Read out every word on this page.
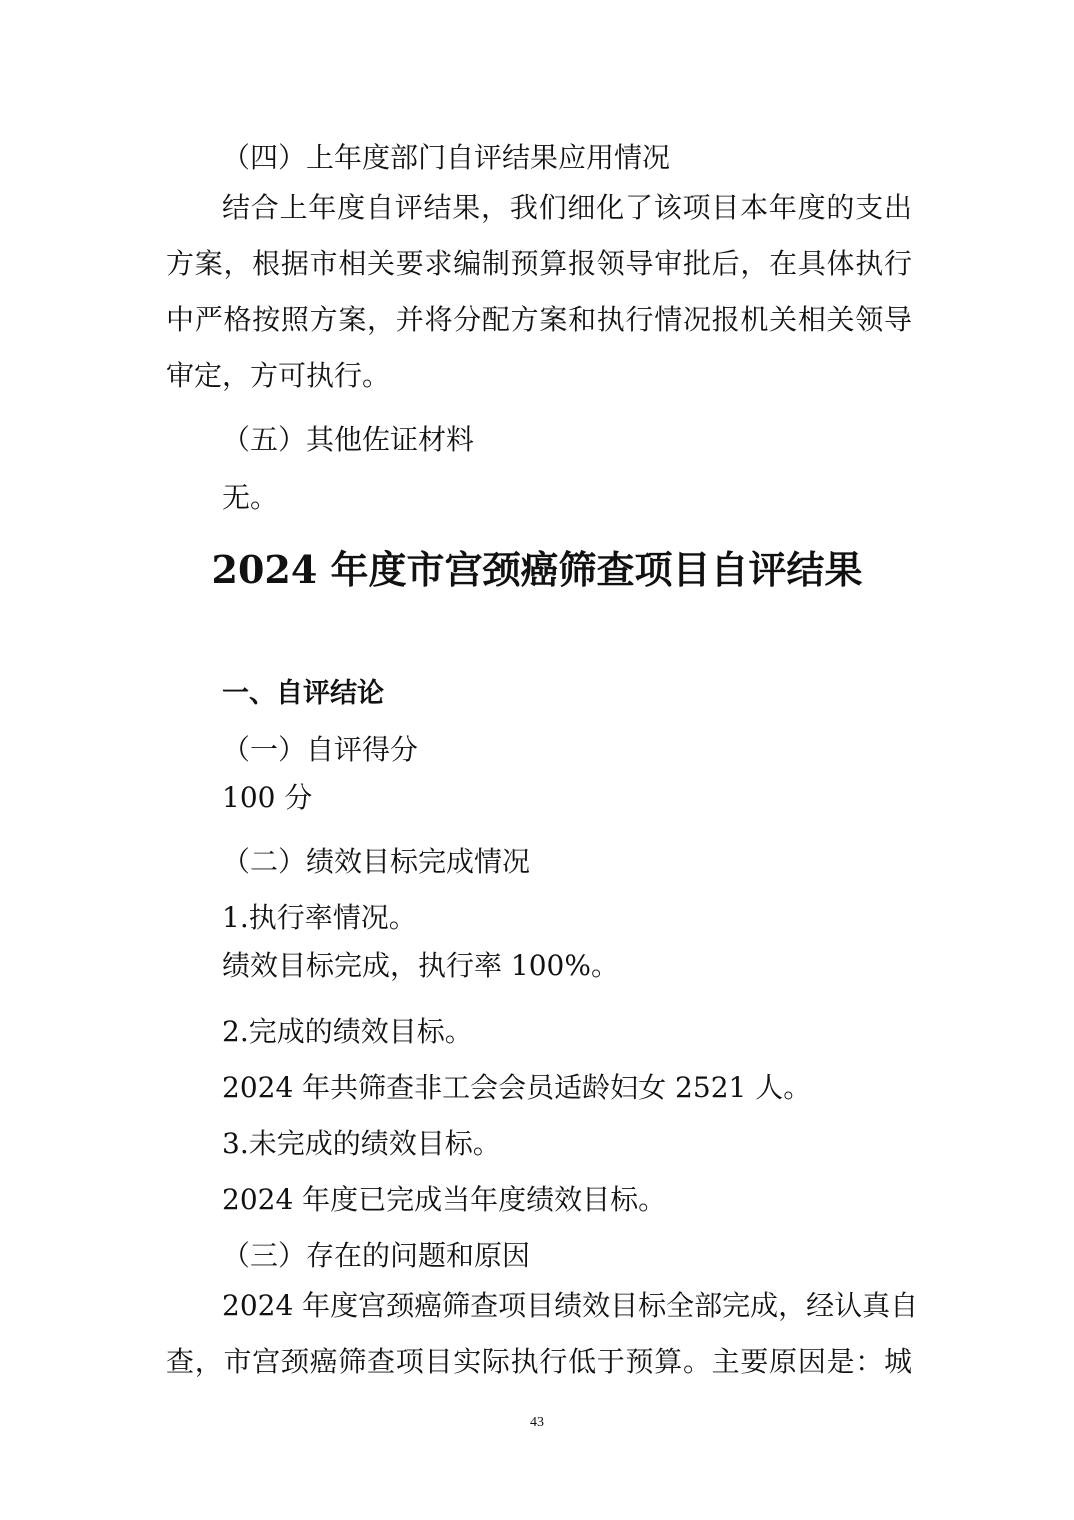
（四）上年度部门自评结果应用情况

结合上年度自评结果，我们细化了该项目本年度的支出

方案，根据市相关要求编制预算报领导审批后，在具体执行

中严格按照方案，并将分配方案和执行情况报机关相关领导

审定，方可执行。

（五）其他佐证材料

无。

2024 年度市宫颈癌筛查项目自评结果

一、自评结论

（一）自评得分

100 分

（二）绩效目标完成情况

1.执行率情况。

绩效目标完成，执行率 100%。

2.完成的绩效目标。

2024 年共筛查非工会会员适龄妇女 2521 人。

3.未完成的绩效目标。

2024 年度已完成当年度绩效目标。

（三）存在的问题和原因

2024 年度宫颈癌筛查项目绩效目标全部完成，经认真自

查，市宫颈癌筛查项目实际执行低于预算。主要原因是：城

43
